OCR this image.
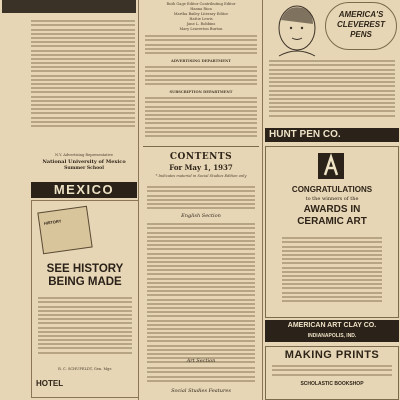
N.Y. Advertising Representative
National University of Mexico
Summer School
MEXICO
HISTORY
SEE HISTORY BEING MADE
R. C. SCHUFELDT, Gen. Mgr.
HOTEL
Ruth Gage Editor Contributing Editor
Hanna Rion
Martha Bailey Literary Editor
Hattie Lewis
Jane L. Robbins
Mary Leaverton Burton
ADVERTISING DEPARTMENT
SUBSCRIPTION DEPARTMENT
CONTENTS
For May 1, 1937
* Indicates material in Social Studies Edition only
English Section
Art Section
Social Studies Features
AMERICA'S CLEVEREST PENS
HUNT PEN CO.
CONGRATULATIONS
to the winners of the
AWARDS IN
CERAMIC ART
AMERICAN ART CLAY CO.
INDIANAPOLIS, IND.
MAKING PRINTS
SCHOLASTIC BOOKSHOP
